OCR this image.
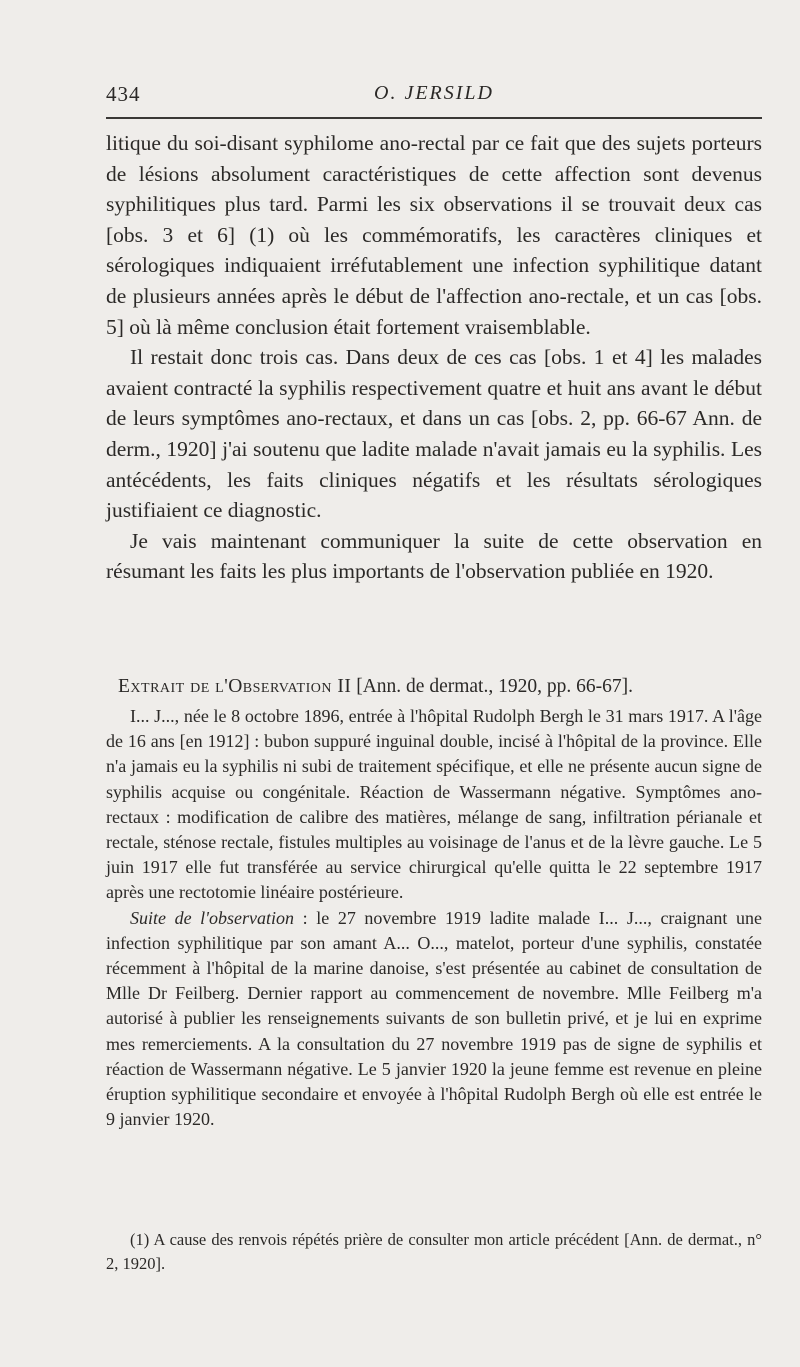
434	O. JERSILD

litique du soi-disant syphilome ano-rectal par ce fait que des sujets porteurs de lésions absolument caractéristiques de cette affection sont devenus syphilitiques plus tard. Parmi les six observations il se trouvait deux cas [obs. 3 et 6] (1) où les commémoratifs, les caractères cliniques et sérologiques indiquaient irréfutablement une infection syphilitique datant de plusieurs années après le début de l'affection ano-rectale, et un cas [obs. 5] où là même conclusion était fortement vraisemblable.

Il restait donc trois cas. Dans deux de ces cas [obs. 1 et 4] les malades avaient contracté la syphilis respectivement quatre et huit ans avant le début de leurs symptômes ano-rectaux, et dans un cas [obs. 2, pp. 66-67 Ann. de derm., 1920] j'ai soutenu que ladite malade n'avait jamais eu la syphilis. Les antécédents, les faits cliniques négatifs et les résultats sérologiques justifiaient ce diagnostic.

Je vais maintenant communiquer la suite de cette observation en résumant les faits les plus importants de l'observation publiée en 1920.

Extrait de l'Observation II [Ann. de dermat., 1920, pp. 66-67].

I... J..., née le 8 octobre 1896, entrée à l'hôpital Rudolph Bergh le 31 mars 1917. A l'âge de 16 ans [en 1912] : bubon suppuré inguinal double, incisé à l'hôpital de la province. Elle n'a jamais eu la syphilis ni subi de traitement spécifique, et elle ne présente aucun signe de syphilis acquise ou congénitale. Réaction de Wassermann négative. Symptômes ano-rectaux : modification de calibre des matières, mélange de sang, infiltration périanale et rectale, sténose rectale, fistules multiples au voisinage de l'anus et de la lèvre gauche. Le 5 juin 1917 elle fut transférée au service chirurgical qu'elle quitta le 22 septembre 1917 après une rectotomie linéaire postérieure.

Suite de l'observation : le 27 novembre 1919 ladite malade I... J..., craignant une infection syphilitique par son amant A... O..., matelot, porteur d'une syphilis, constatée récemment à l'hôpital de la marine danoise, s'est présentée au cabinet de consultation de Mlle Dr Feilberg. Dernier rapport au commencement de novembre. Mlle Feilberg m'a autorisé à publier les renseignements suivants de son bulletin privé, et je lui en exprime mes remerciements. A la consultation du 27 novembre 1919 pas de signe de syphilis et réaction de Wassermann négative. Le 5 janvier 1920 la jeune femme est revenue en pleine éruption syphilitique secondaire et envoyée à l'hôpital Rudolph Bergh où elle est entrée le 9 janvier 1920.

(1) A cause des renvois répétés prière de consulter mon article précédent [Ann. de dermat., n° 2, 1920].
